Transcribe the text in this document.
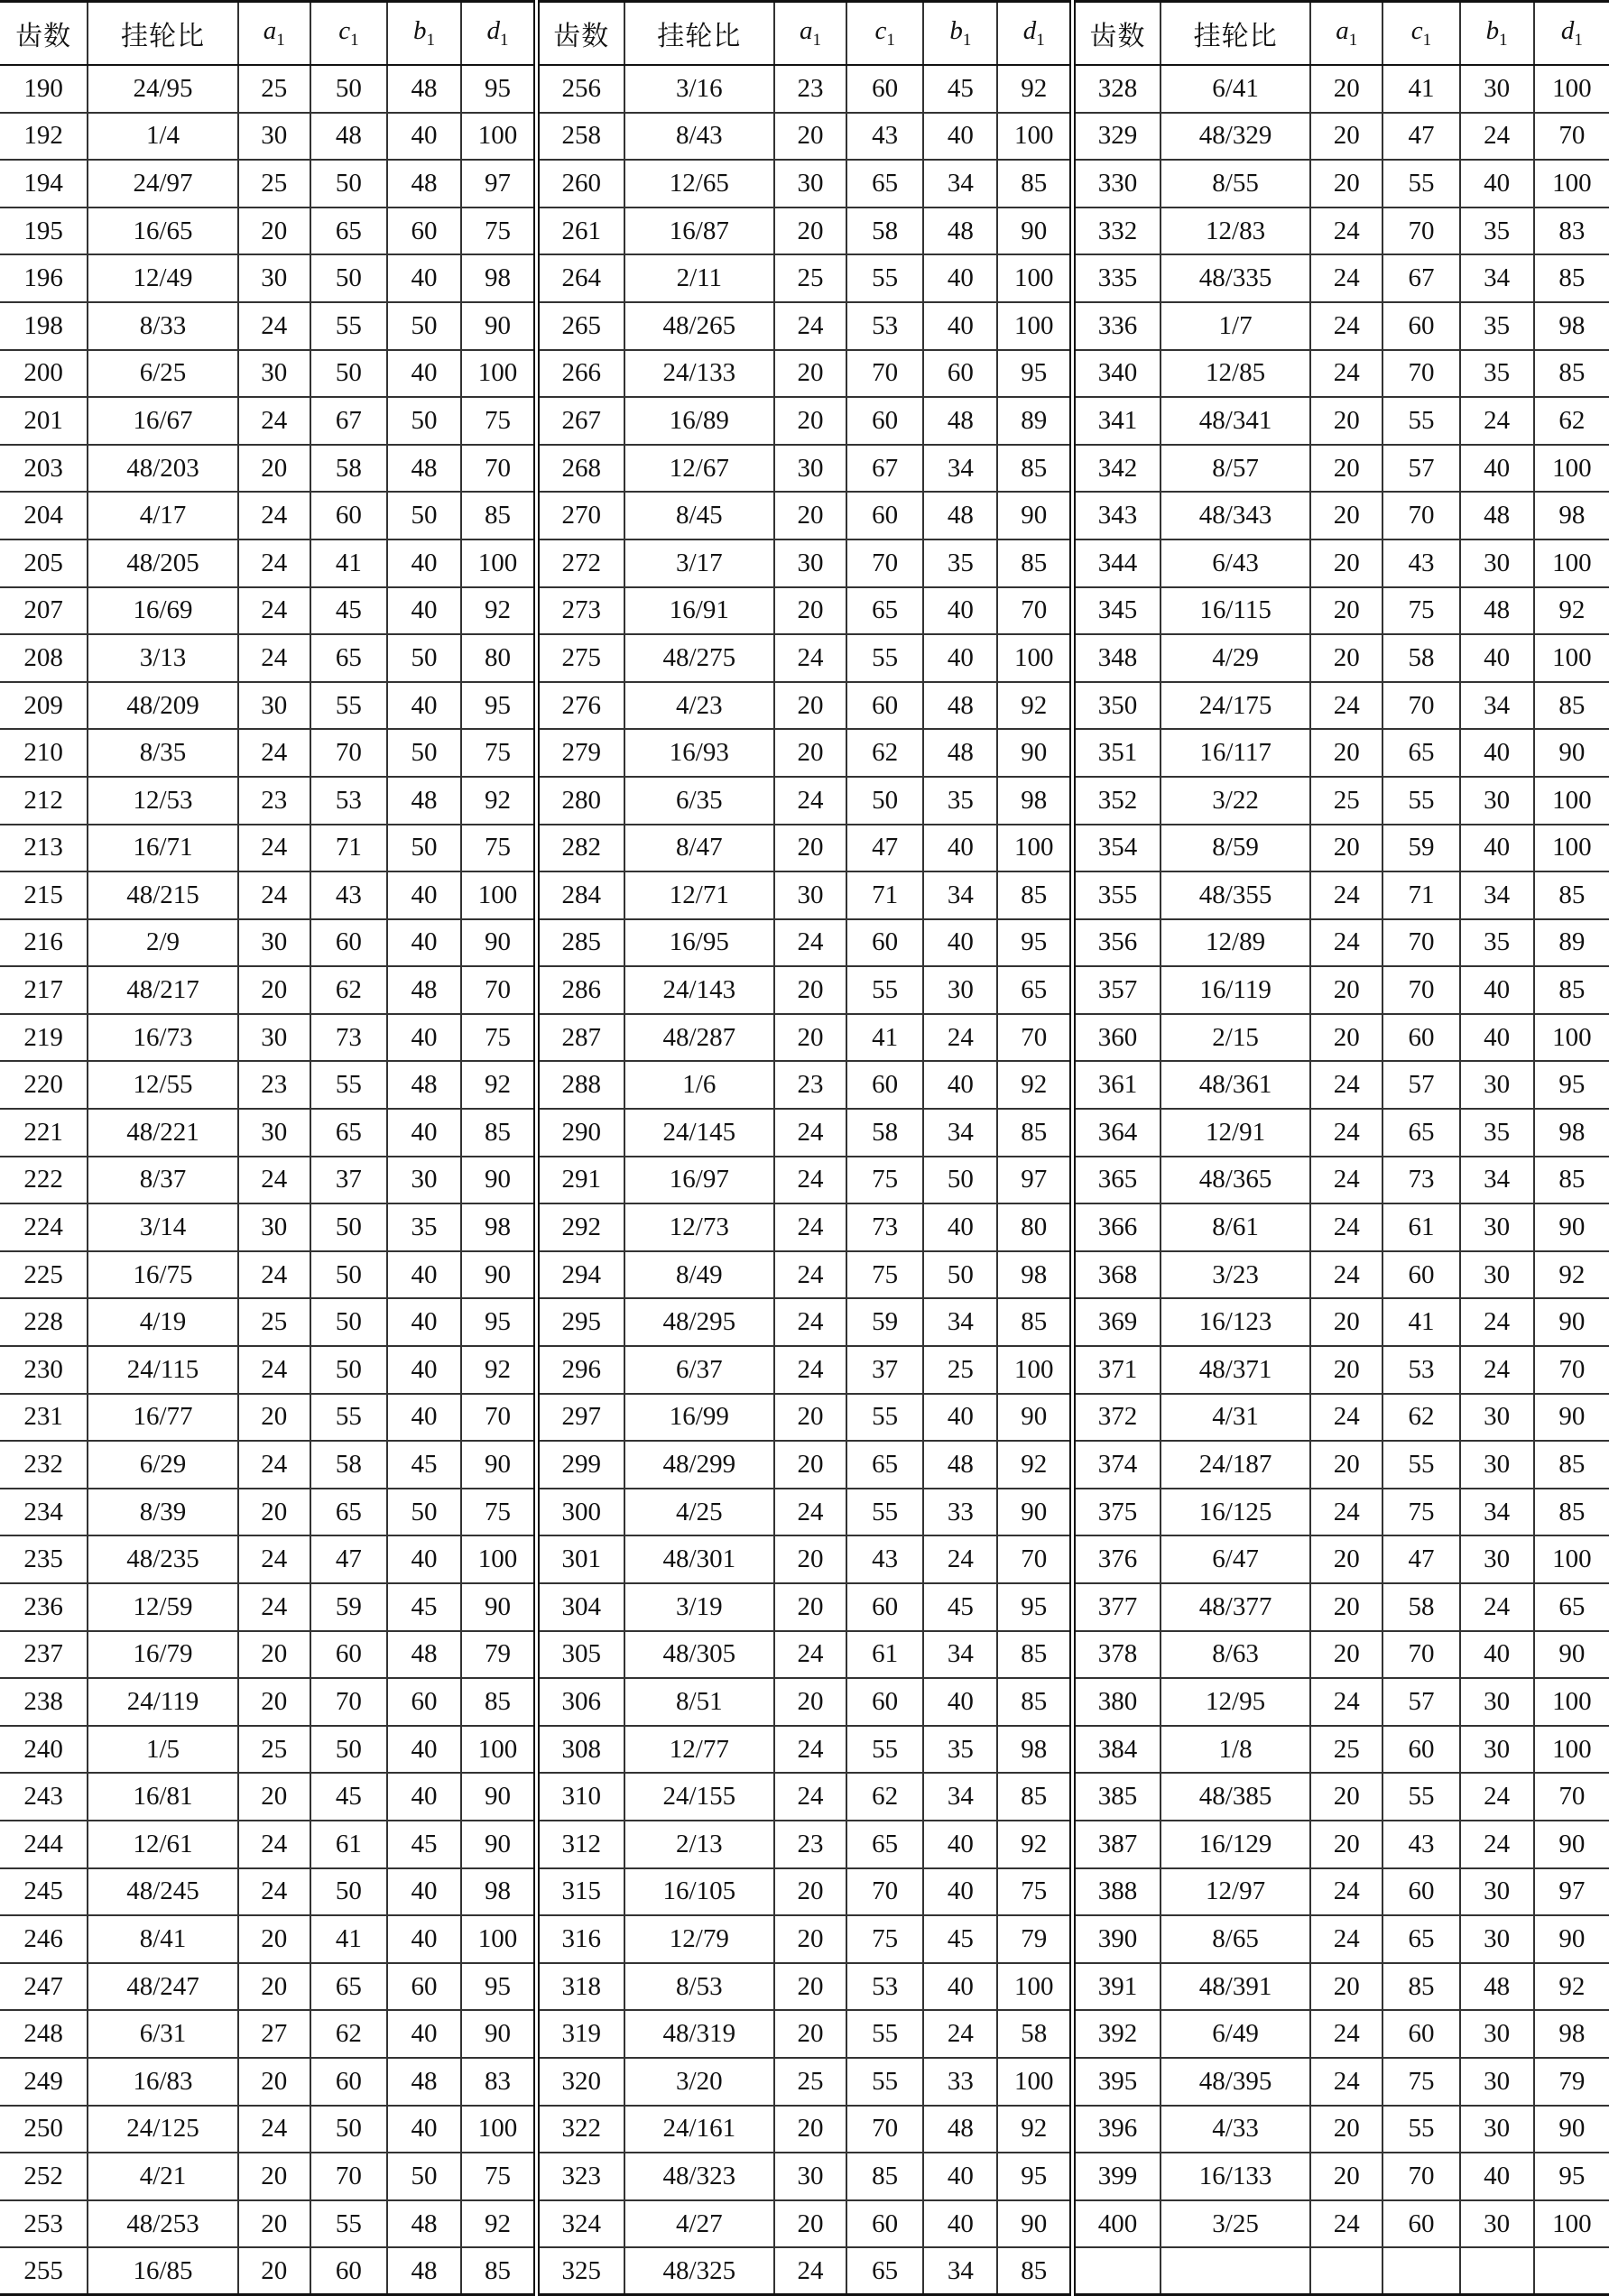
齿数	挂轮比	$a_1$	$c_1$	$b_1$	$d_1$	齿数	挂轮比	$a_1$	$c_1$	$b_1$	$d_1$	齿数	挂轮比	$a_1$	$c_1$	$b_1$	$d_1$
190	24/95	25	50	48	95	256	3/16	23	60	45	92	328	6/41	20	41	30	100
192	1/4	30	48	40	100	258	8/43	20	43	40	100	329	48/329	20	47	24	70
194	24/97	25	50	48	97	260	12/65	30	65	34	85	330	8/55	20	55	40	100
195	16/65	20	65	60	75	261	16/87	20	58	48	90	332	12/83	24	70	35	83
196	12/49	30	50	40	98	264	2/11	25	55	40	100	335	48/335	24	67	34	85
198	8/33	24	55	50	90	265	48/265	24	53	40	100	336	1/7	24	60	35	98
200	6/25	30	50	40	100	266	24/133	20	70	60	95	340	12/85	24	70	35	85
201	16/67	24	67	50	75	267	16/89	20	60	48	89	341	48/341	20	55	24	62
203	48/203	20	58	48	70	268	12/67	30	67	34	85	342	8/57	20	57	40	100
204	4/17	24	60	50	85	270	8/45	20	60	48	90	343	48/343	20	70	48	98
205	48/205	24	41	40	100	272	3/17	30	70	35	85	344	6/43	20	43	30	100
207	16/69	24	45	40	92	273	16/91	20	65	40	70	345	16/115	20	75	48	92
208	3/13	24	65	50	80	275	48/275	24	55	40	100	348	4/29	20	58	40	100
209	48/209	30	55	40	95	276	4/23	20	60	48	92	350	24/175	24	70	34	85
210	8/35	24	70	50	75	279	16/93	20	62	48	90	351	16/117	20	65	40	90
212	12/53	23	53	48	92	280	6/35	24	50	35	98	352	3/22	25	55	30	100
213	16/71	24	71	50	75	282	8/47	20	47	40	100	354	8/59	20	59	40	100
215	48/215	24	43	40	100	284	12/71	30	71	34	85	355	48/355	24	71	34	85
216	2/9	30	60	40	90	285	16/95	24	60	40	95	356	12/89	24	70	35	89
217	48/217	20	62	48	70	286	24/143	20	55	30	65	357	16/119	20	70	40	85
219	16/73	30	73	40	75	287	48/287	20	41	24	70	360	2/15	20	60	40	100
220	12/55	23	55	48	92	288	1/6	23	60	40	92	361	48/361	24	57	30	95
221	48/221	30	65	40	85	290	24/145	24	58	34	85	364	12/91	24	65	35	98
222	8/37	24	37	30	90	291	16/97	24	75	50	97	365	48/365	24	73	34	85
224	3/14	30	50	35	98	292	12/73	24	73	40	80	366	8/61	24	61	30	90
225	16/75	24	50	40	90	294	8/49	24	75	50	98	368	3/23	24	60	30	92
228	4/19	25	50	40	95	295	48/295	24	59	34	85	369	16/123	20	41	24	90
230	24/115	24	50	40	92	296	6/37	24	37	25	100	371	48/371	20	53	24	70
231	16/77	20	55	40	70	297	16/99	20	55	40	90	372	4/31	24	62	30	90
232	6/29	24	58	45	90	299	48/299	20	65	48	92	374	24/187	20	55	30	85
234	8/39	20	65	50	75	300	4/25	24	55	33	90	375	16/125	24	75	34	85
235	48/235	24	47	40	100	301	48/301	20	43	24	70	376	6/47	20	47	30	100
236	12/59	24	59	45	90	304	3/19	20	60	45	95	377	48/377	20	58	24	65
237	16/79	20	60	48	79	305	48/305	24	61	34	85	378	8/63	20	70	40	90
238	24/119	20	70	60	85	306	8/51	20	60	40	85	380	12/95	24	57	30	100
240	1/5	25	50	40	100	308	12/77	24	55	35	98	384	1/8	25	60	30	100
243	16/81	20	45	40	90	310	24/155	24	62	34	85	385	48/385	20	55	24	70
244	12/61	24	61	45	90	312	2/13	23	65	40	92	387	16/129	20	43	24	90
245	48/245	24	50	40	98	315	16/105	20	70	40	75	388	12/97	24	60	30	97
246	8/41	20	41	40	100	316	12/79	20	75	45	79	390	8/65	24	65	30	90
247	48/247	20	65	60	95	318	8/53	20	53	40	100	391	48/391	20	85	48	92
248	6/31	27	62	40	90	319	48/319	20	55	24	58	392	6/49	24	60	30	98
249	16/83	20	60	48	83	320	3/20	25	55	33	100	395	48/395	24	75	30	79
250	24/125	24	50	40	100	322	24/161	20	70	48	92	396	4/33	20	55	30	90
252	4/21	20	70	50	75	323	48/323	30	85	40	95	399	16/133	20	70	40	95
253	48/253	20	55	48	92	324	4/27	20	60	40	90	400	3/25	24	60	30	100
255	16/85	20	60	48	85	325	48/325	24	65	34	85						
